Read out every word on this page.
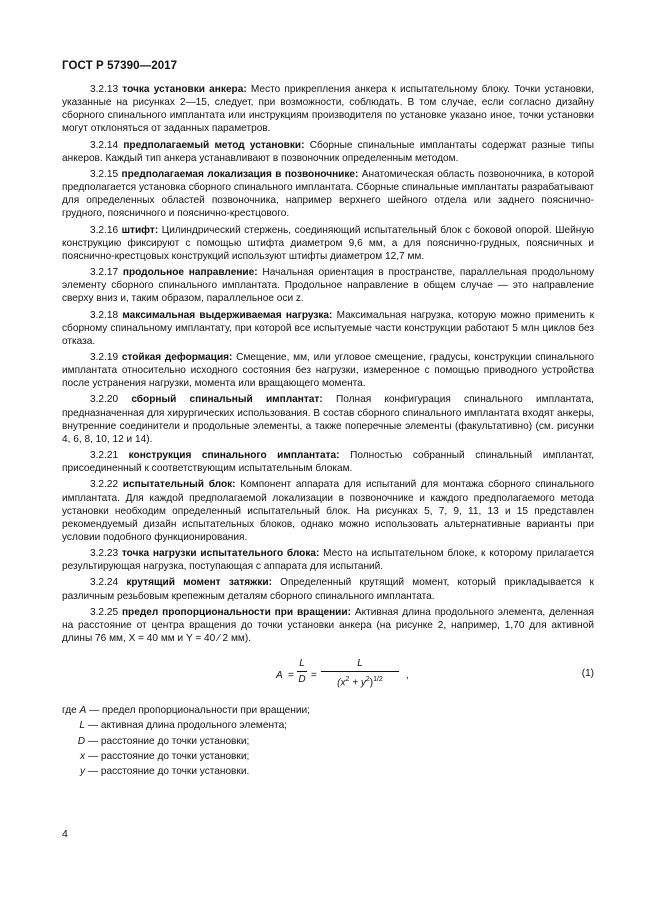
ГОСТ Р 57390—2017

3.2.13 точка установки анкера: Место прикрепления анкера к испытательному блоку. Точки установки, указанные на рисунках 2—15, следует, при возможности, соблюдать. В том случае, если согласно дизайну сборного спинального имплантата или инструкциям производителя по установке указано иное, точки установки могут отклоняться от заданных параметров.

3.2.14 предполагаемый метод установки: Сборные спинальные имплантаты содержат разные типы анкеров. Каждый тип анкера устанавливают в позвоночник определенным методом.

3.2.15 предполагаемая локализация в позвоночнике: Анатомическая область позвоночника, в которой предполагается установка сборного спинального имплантата. Сборные спинальные имплантаты разрабатывают для определенных областей позвоночника, например верхнего шейного отдела или заднего пояснично-грудного, поясничного и пояснично-крестцового.

3.2.16 штифт: Цилиндрический стержень, соединяющий испытательный блок с боковой опорой. Шейную конструкцию фиксируют с помощью штифта диаметром 9,6 мм, а для пояснично-грудных, поясничных и пояснично-крестцовых конструкций используют штифты диаметром 12,7 мм.

3.2.17 продольное направление: Начальная ориентация в пространстве, параллельная продольному элементу сборного спинального имплантата. Продольное направление в общем случае — это направление сверху вниз и, таким образом, параллельное оси z.

3.2.18 максимальная выдерживаемая нагрузка: Максимальная нагрузка, которую можно применить к сборному спинальному имплантату, при которой все испытуемые части конструкции работают 5 млн циклов без отказа.

3.2.19 стойкая деформация: Смещение, мм, или угловое смещение, градусы, конструкции спинального имплантата относительно исходного состояния без нагрузки, измеренное с помощью приводного устройства после устранения нагрузки, момента или вращающего момента.

3.2.20 сборный спинальный имплантат: Полная конфигурация спинального имплантата, предназначенная для хирургических использования. В состав сборного спинального имплантата входят анкеры, внутренние соединители и продольные элементы, а также поперечные элементы (факультативно) (см. рисунки 4, 6, 8, 10, 12 и 14).

3.2.21 конструкция спинального имплантата: Полностью собранный спинальный имплантат, присоединенный к соответствующим испытательным блокам.

3.2.22 испытательный блок: Компонент аппарата для испытаний для монтажа сборного спинального имплантата. Для каждой предполагаемой локализации в позвоночнике и каждого предполагаемого метода установки необходим определенный испытательный блок. На рисунках 5, 7, 9, 11, 13 и 15 представлен рекомендуемый дизайн испытательных блоков, однако можно использовать альтернативные варианты при условии подобного функционирования.

3.2.23 точка нагрузки испытательного блока: Место на испытательном блоке, к которому прилагается результирующая нагрузка, поступающая с аппарата для испытаний.

3.2.24 крутящий момент затяжки: Определенный крутящий момент, который прикладывается к различным резьбовым крепежным деталям сборного спинального имплантата.

3.2.25 предел пропорциональности при вращении: Активная длина продольного элемента, деленная на расстояние от центра вращения до точки установки анкера (на рисунке 2, например, 1,70 для активной длины 76 мм, X = 40 мм и Y = 40 ⁄ 2 мм).

$A = \frac{L}{D} = \frac{L}{(x^2 + y^2)^{1/2}}$ ,	(1)
где
A
— предел пропорциональности при вращении;
L — активная длина продольного элемента;
D — расстояние до точки установки;
x — расстояние до точки установки;
y — расстояние до точки установки.
4
